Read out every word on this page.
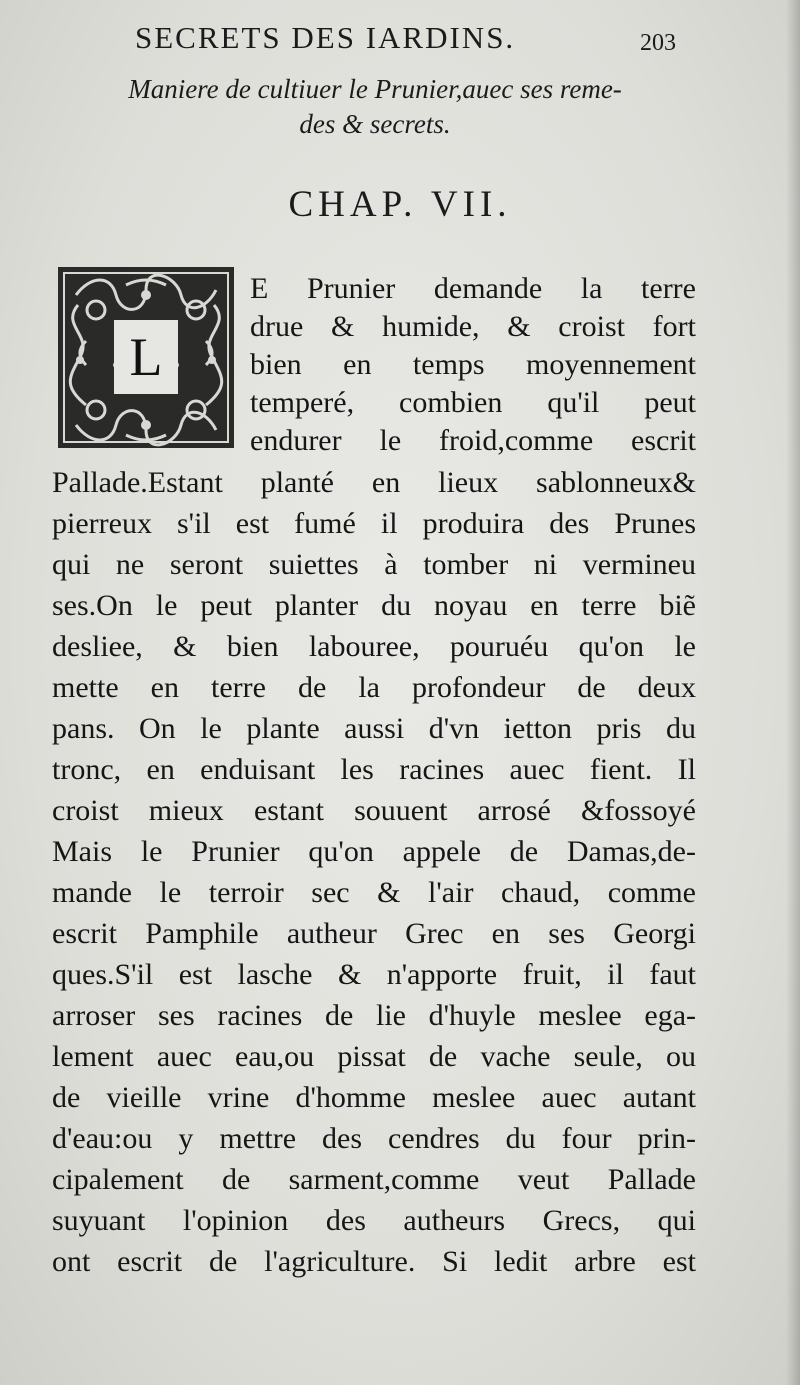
SECRETS DES IARDINS.	203
Maniere de cultiuer le Prunier,auec ses reme-
des & secrets.
CHAP. VII.
L
E Prunier demande la terre
drue & humide, & croist fort
bien en temps moyennement
temperé, combien qu'il peut
endurer le froid,comme escrit
Pallade.Estant planté en lieux sablonneux&
pierreux s'il est fumé il produira des Prunes
qui ne seront suiettes à tomber ni vermineu
ses.On le peut planter du noyau en terre biẽ
desliee, & bien labouree, pouruéu qu'on le
mette en terre de la profondeur de deux
pans. On le plante aussi d'vn ietton pris du
tronc, en enduisant les racines auec fient. Il
croist mieux estant souuent arrosé &fossoyé
Mais le Prunier qu'on appele de Damas,de-
mande le terroir sec & l'air chaud, comme
escrit Pamphile autheur Grec en ses Georgi
ques.S'il est lasche & n'apporte fruit, il faut
arroser ses racines de lie d'huyle meslee ega-
lement auec eau,ou pissat de vache seule, ou
de vieille vrine d'homme meslee auec autant
d'eau:ou y mettre des cendres du four prin-
cipalement de sarment,comme veut Pallade
suyuant l'opinion des autheurs Grecs, qui
ont escrit de l'agriculture. Si ledit arbre est
